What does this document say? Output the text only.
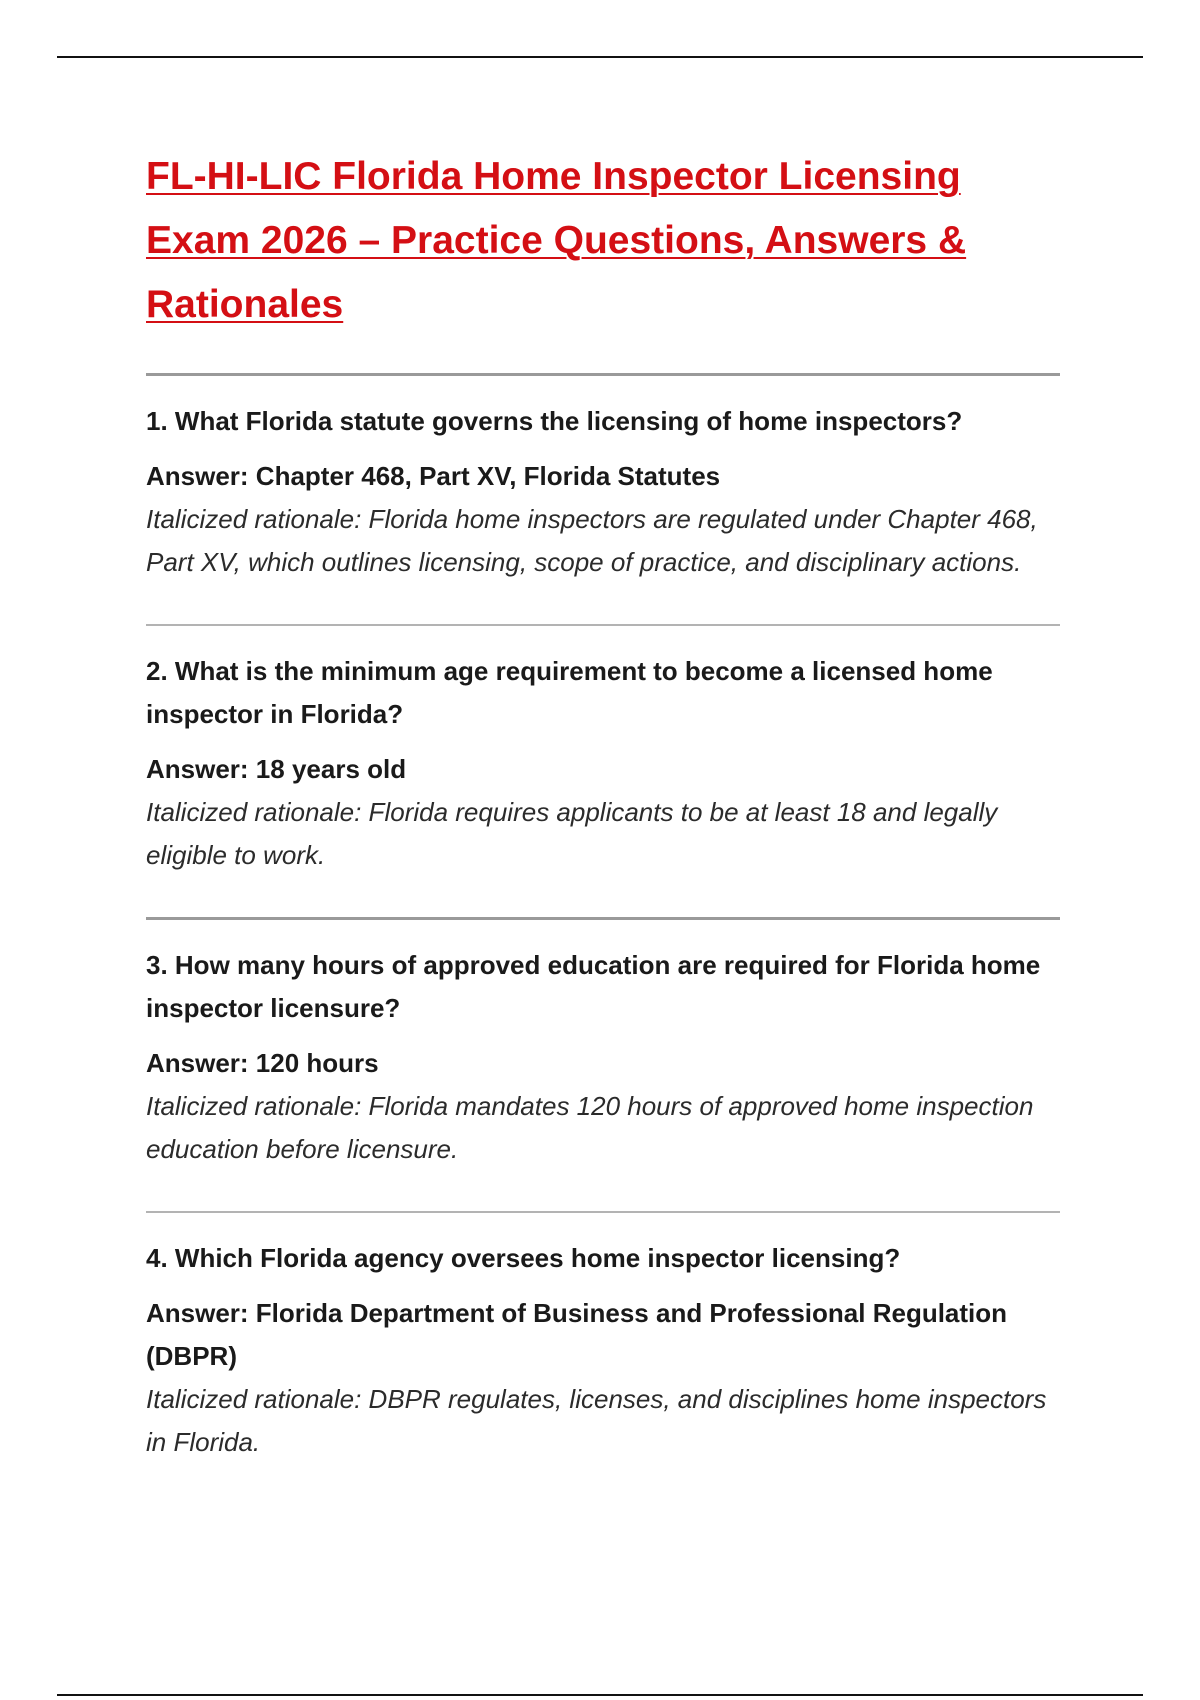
FL-HI-LIC Florida Home Inspector Licensing Exam 2026 – Practice Questions, Answers & Rationales

1. What Florida statute governs the licensing of home inspectors?

Answer: Chapter 468, Part XV, Florida Statutes

Italicized rationale: Florida home inspectors are regulated under Chapter 468, Part XV, which outlines licensing, scope of practice, and disciplinary actions.

2. What is the minimum age requirement to become a licensed home inspector in Florida?

Answer: 18 years old

Italicized rationale: Florida requires applicants to be at least 18 and legally eligible to work.

3. How many hours of approved education are required for Florida home inspector licensure?

Answer: 120 hours

Italicized rationale: Florida mandates 120 hours of approved home inspection education before licensure.

4. Which Florida agency oversees home inspector licensing?

Answer: Florida Department of Business and Professional Regulation (DBPR)

Italicized rationale: DBPR regulates, licenses, and disciplines home inspectors in Florida.
